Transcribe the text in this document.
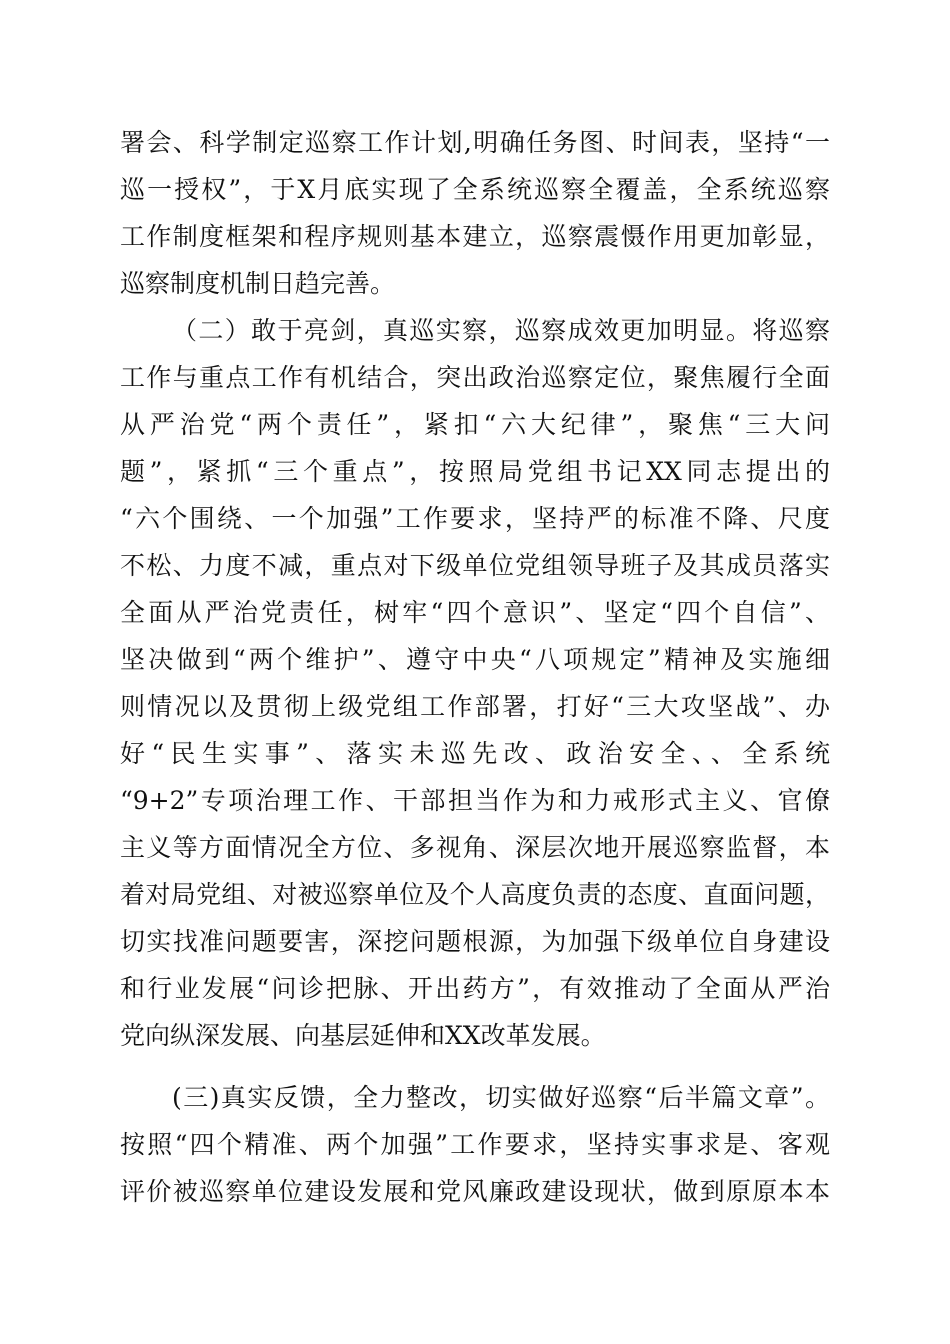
署会、科学制定巡察工作计划,明确任务图、时间表，坚持“一
巡一授权”，于X月底实现了全系统巡察全覆盖，全系统巡察
工作制度框架和程序规则基本建立，巡察震慑作用更加彰显，
巡察制度机制日趋完善。
（二）敢于亮剑，真巡实察，巡察成效更加明显。将巡察
工作与重点工作有机结合，突出政治巡察定位，聚焦履行全面
从严治党“两个责任”，紧扣“六大纪律”，聚焦“三大问
题”，紧抓“三个重点”，按照局党组书记XX同志提出的
“六个围绕、一个加强”工作要求，坚持严的标准不降、尺度
不松、力度不减，重点对下级单位党组领导班子及其成员落实
全面从严治党责任，树牢“四个意识”、坚定“四个自信”、
坚决做到“两个维护”、遵守中央“八项规定”精神及实施细
则情况以及贯彻上级党组工作部署，打好“三大攻坚战”、办
好“民生实事”、落实未巡先改、政治安全、、全系统
“9+2”专项治理工作、干部担当作为和力戒形式主义、官僚
主义等方面情况全方位、多视角、深层次地开展巡察监督，本
着对局党组、对被巡察单位及个人高度负责的态度、直面问题，
切实找准问题要害，深挖问题根源，为加强下级单位自身建设
和行业发展“问诊把脉、开出药方”，有效推动了全面从严治
党向纵深发展、向基层延伸和XX改革发展。
(三)真实反馈，全力整改，切实做好巡察“后半篇文章”。
按照“四个精准、两个加强”工作要求，坚持实事求是、客观
评价被巡察单位建设发展和党风廉政建设现状，做到原原本本
